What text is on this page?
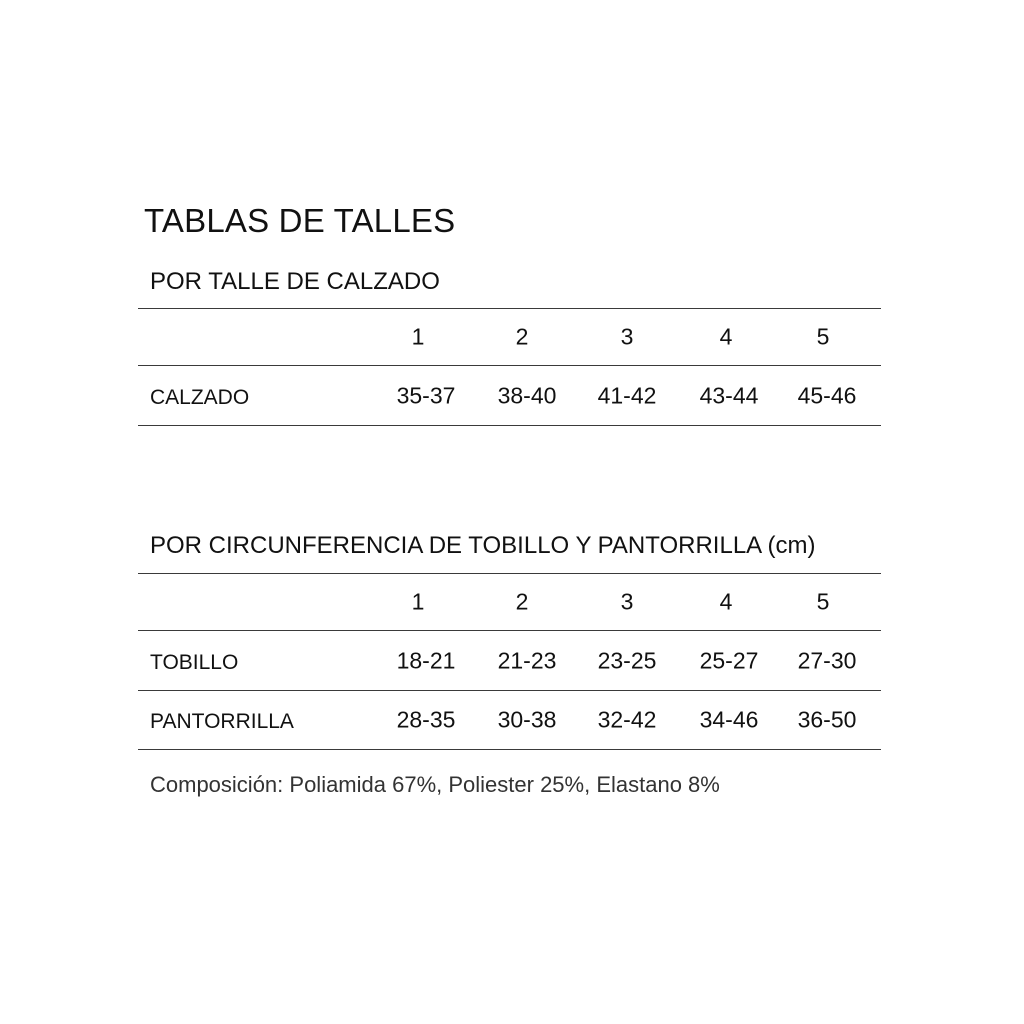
TABLAS DE TALLES
POR TALLE DE CALZADO
1	2	3	4	5
CALZADO	35-37 38-40 41-42 43-44 45-46
POR CIRCUNFERENCIA DE TOBILLO Y PANTORRILLA (cm)
1	2	3	4	5
TOBILLO	18-21 21-23 23-25 25-27 27-30
PANTORRILLA	28-35 30-38 32-42 34-46 36-50
Composición: Poliamida 67%, Poliester 25%, Elastano 8%
